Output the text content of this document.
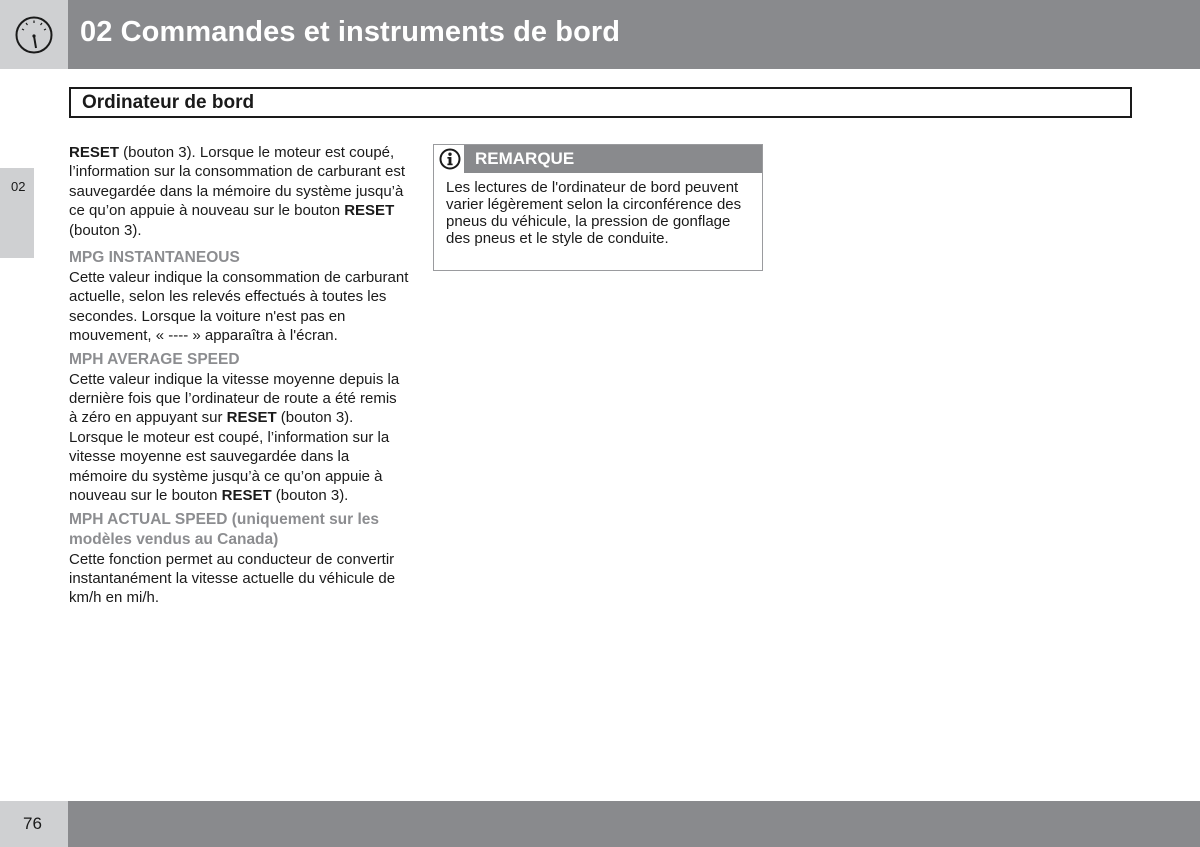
02 Commandes et instruments de bord
Ordinateur de bord
02

RESET (bouton 3). Lorsque le moteur est coupé, l’information sur la consommation de carburant est sauvegardée dans la mémoire du système jusqu’à ce qu’on appuie à nouveau sur le bouton RESET (bouton 3).

MPG INSTANTANEOUS

Cette valeur indique la consommation de carburant actuelle, selon les relevés effectués à toutes les secondes. Lorsque la voiture n'est pas en mouvement, « ---- » apparaîtra à l'écran.

MPH AVERAGE SPEED

Cette valeur indique la vitesse moyenne depuis la dernière fois que l’ordinateur de route a été remis à zéro en appuyant sur RESET (bouton 3). Lorsque le moteur est coupé, l’information sur la vitesse moyenne est sauvegardée dans la mémoire du système jusqu’à ce qu’on appuie à nouveau sur le bouton RESET (bouton 3).

MPH ACTUAL SPEED (uniquement sur les modèles vendus au Canada)

Cette fonction permet au conducteur de convertir instantanément la vitesse actuelle du véhicule de km/h en mi/h.

REMARQUE

Les lectures de l'ordinateur de bord peuvent varier légèrement selon la circonférence des pneus du véhicule, la pression de gonflage des pneus et le style de conduite.

76
